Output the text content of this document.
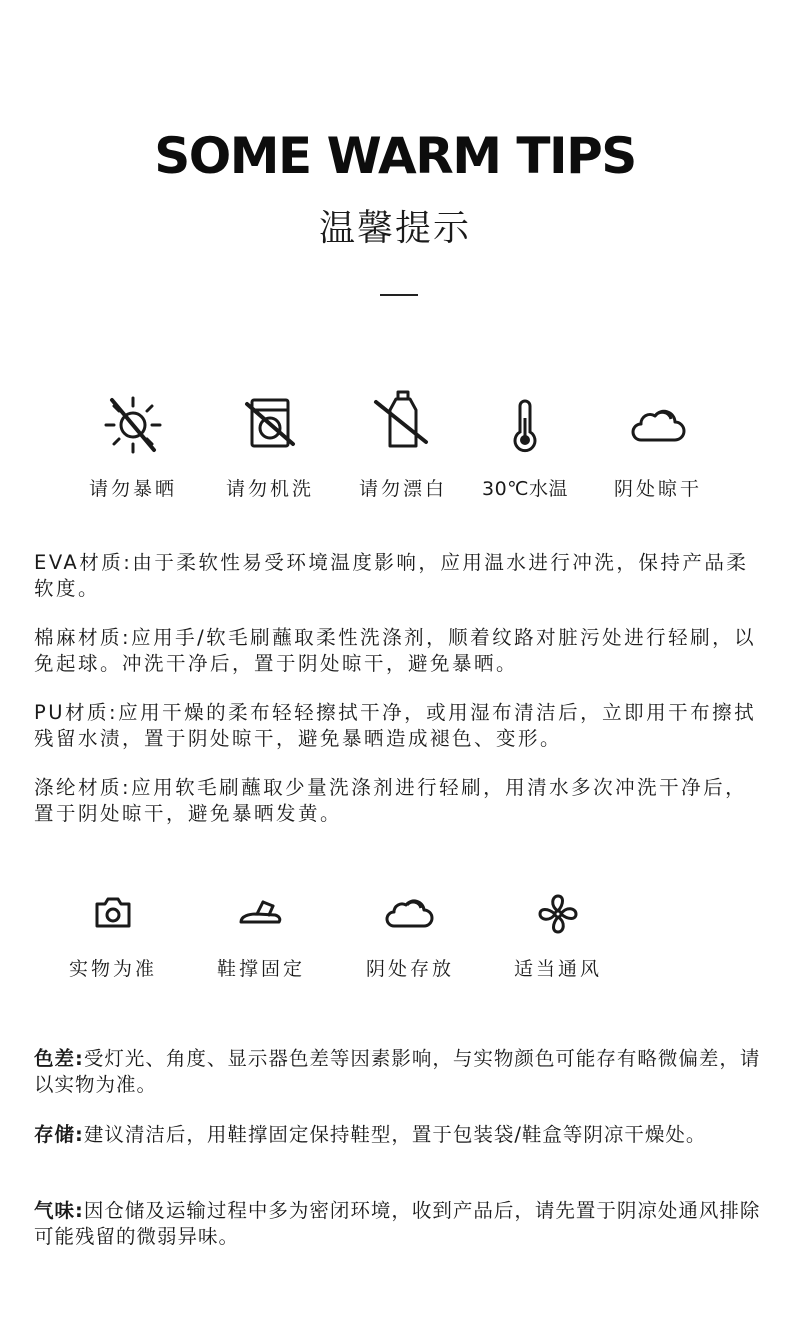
SOME WARM TIPS
温馨提示
请勿暴晒	请勿机洗	请勿漂白	30℃水温	阴处晾干
EVA材质:由于柔软性易受环境温度影响，应用温水进行冲洗，保持产品柔软度。
棉麻材质:应用手/软毛刷蘸取柔性洗涤剂，顺着纹路对脏污处进行轻刷，以免起球。冲洗干净后，置于阴处晾干，避免暴晒。
PU材质:应用干燥的柔布轻轻擦拭干净，或用湿布清洁后，立即用干布擦拭残留水渍，置于阴处晾干，避免暴晒造成褪色、变形。
涤纶材质:应用软毛刷蘸取少量洗涤剂进行轻刷，用清水多次冲洗干净后，置于阴处晾干，避免暴晒发黄。
实物为准	鞋撑固定	阴处存放	适当通风
色差:受灯光、角度、显示器色差等因素影响，与实物颜色可能存有略微偏差，请以实物为准。
存储:建议清洁后，用鞋撑固定保持鞋型，置于包装袋/鞋盒等阴凉干燥处。
气味:因仓储及运输过程中多为密闭环境，收到产品后，请先置于阴凉处通风排除可能残留的微弱异味。
